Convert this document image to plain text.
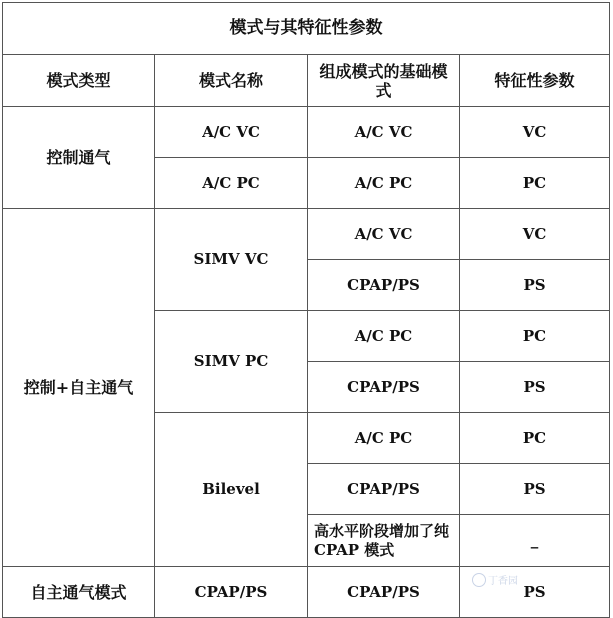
模式与其特征性参数			
模式类型	模式名称	组成模式的基础模式	特征性参数
控制通气	A/C VC	A/C VC	VC
	A/C PC	A/C PC	PC
控制+自主通气	SIMV VC	A/C VC	VC
		CPAP/PS	PS
	SIMV PC	A/C PC	PC
		CPAP/PS	PS
	Bilevel	A/C PC	PC
		CPAP/PS	PS
		高水平阶段增加了纯 CPAP 模式	_
自主通气模式	CPAP/PS	CPAP/PS	PS
丁香园
